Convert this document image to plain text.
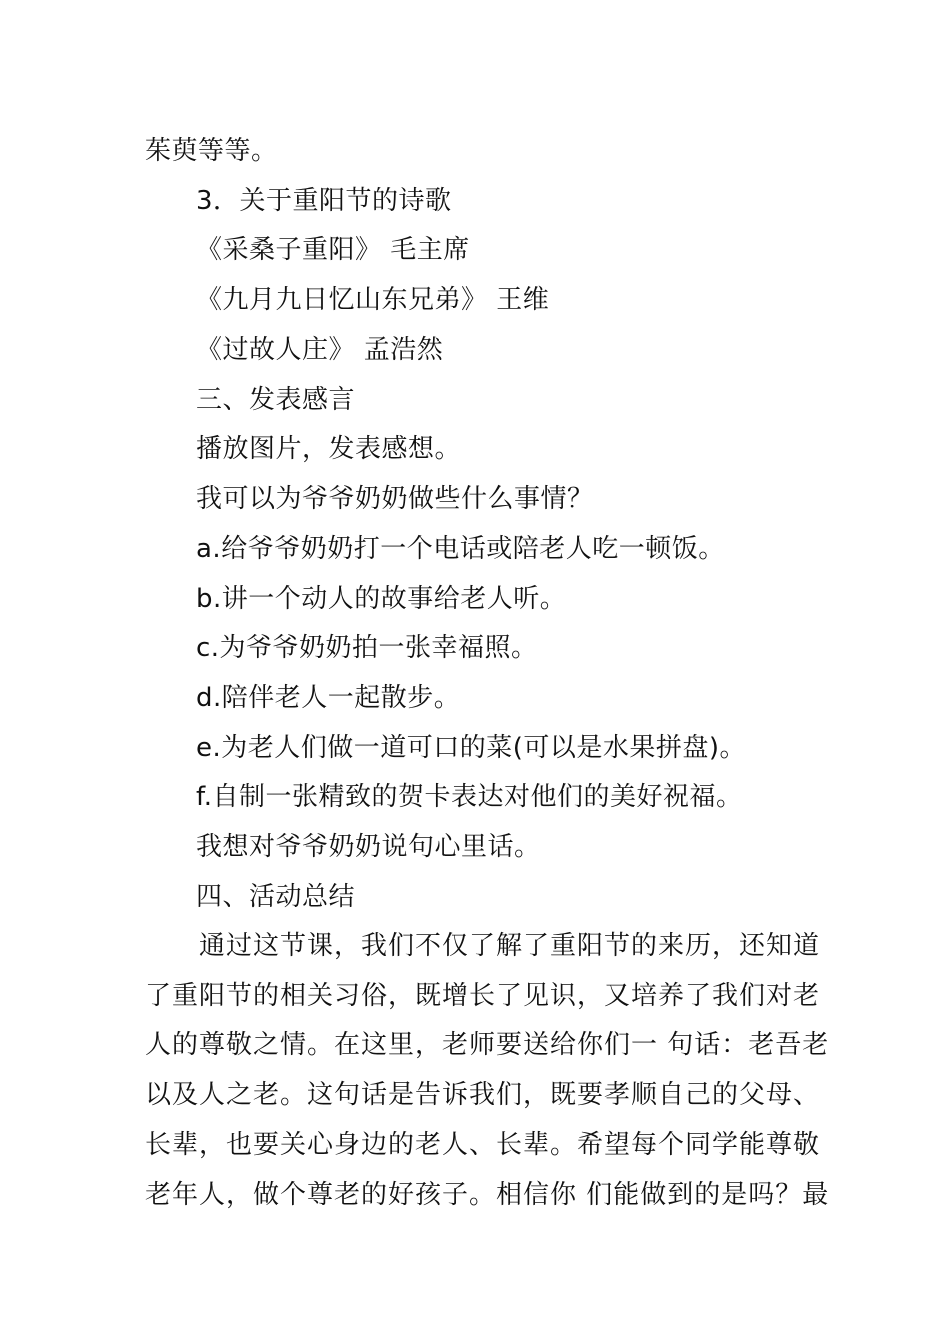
茱萸等等。
3．关于重阳节的诗歌
《采桑子重阳》 毛主席
《九月九日忆山东兄弟》 王维
《过故人庄》 孟浩然
三、发表感言
播放图片，发表感想。
我可以为爷爷奶奶做些什么事情？
a.给爷爷奶奶打一个电话或陪老人吃一顿饭。
b.讲一个动人的故事给老人听。
c.为爷爷奶奶拍一张幸福照。
d.陪伴老人一起散步。
e.为老人们做一道可口的菜(可以是水果拼盘)。
f.自制一张精致的贺卡表达对他们的美好祝福。
我想对爷爷奶奶说句心里话。
四、活动总结
　　通过这节课，我们不仅了解了重阳节的来历，还知道
了重阳节的相关习俗，既增长了见识，又培养了我们对老
人的尊敬之情。在这里，老师要送给你们一 句话：老吾老
以及人之老。这句话是告诉我们，既要孝顺自己的父母、
长辈，也要关心身边的老人、长辈。希望每个同学能尊敬
老年人，做个尊老的好孩子。相信你 们能做到的是吗？最
